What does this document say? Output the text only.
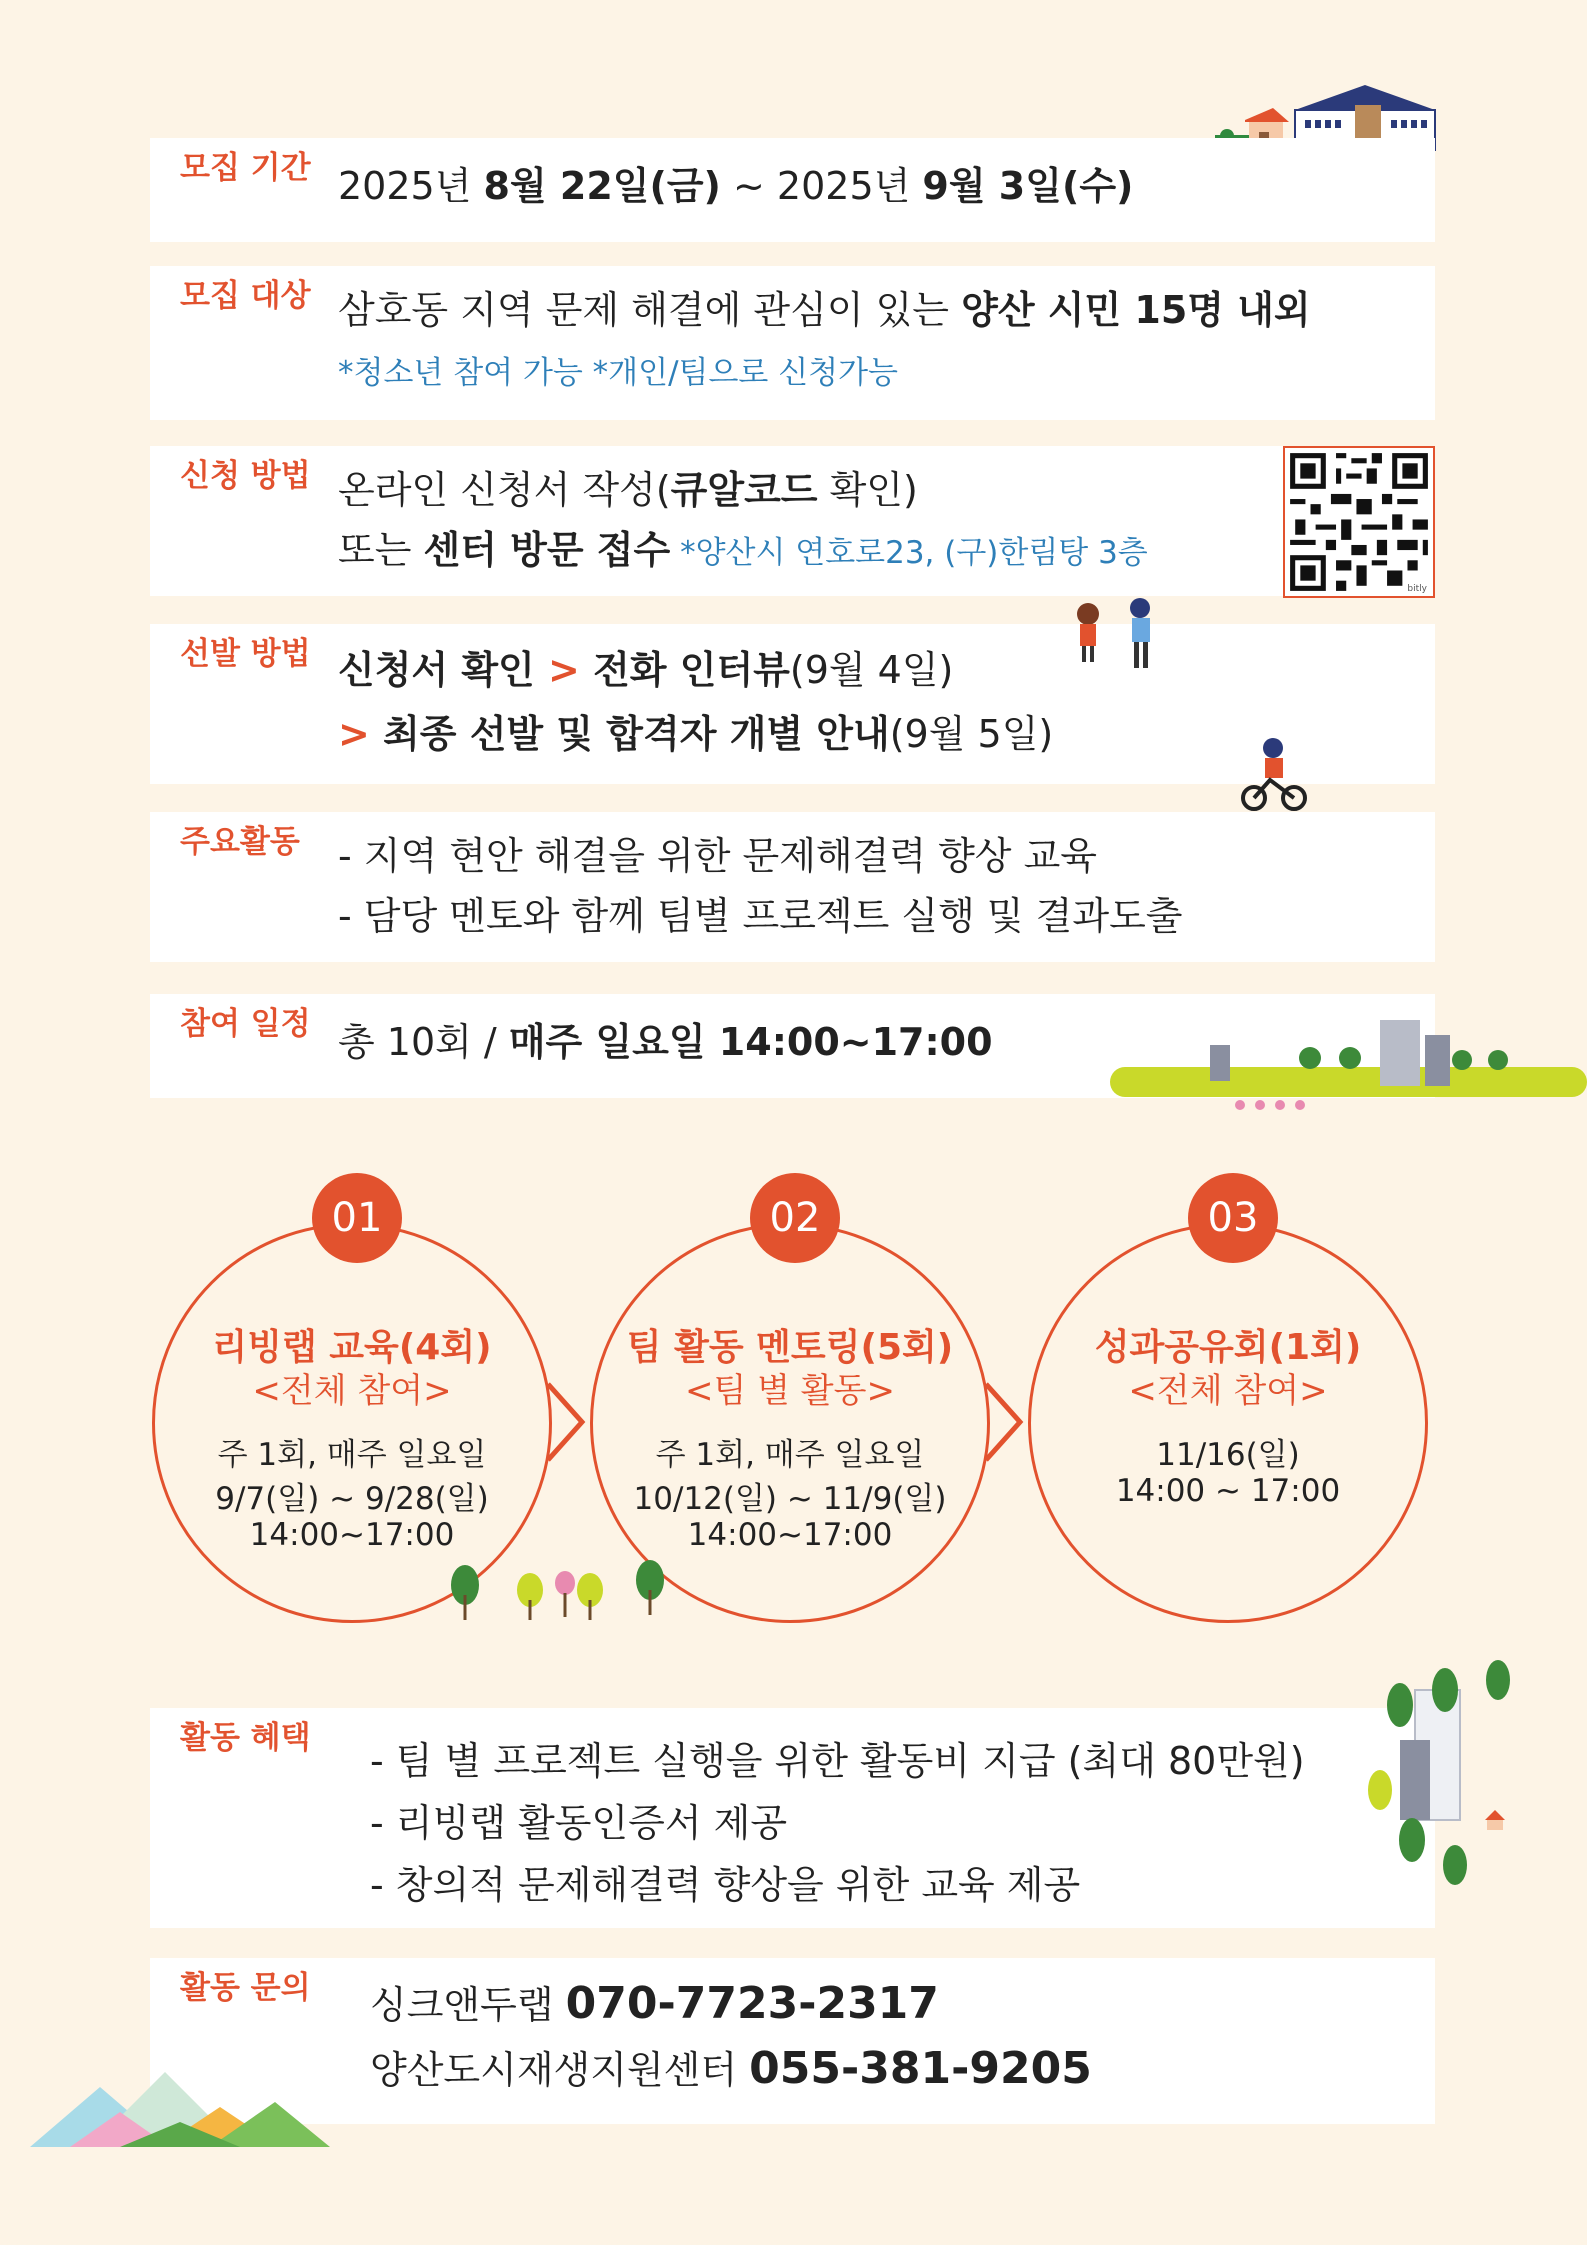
모집 기간 2025년 8월 22일(금) ~ 2025년 9월 3일(수)
모집 대상 삼호동 지역 문제 해결에 관심이 있는 양산 시민 15명 내외
*청소년 참여 가능 *개인/팀으로 신청가능
신청 방법 온라인 신청서 작성(큐알코드 확인)
또는 센터 방문 접수 *양산시 연호로23, (구)한림탕 3층
bitly
선발 방법 신청서 확인 > 전화 인터뷰(9월 4일)
> 최종 선발 및 합격자 개별 안내(9월 5일)
주요활동 - 지역 현안 해결을 위한 문제해결력 향상 교육
- 담당 멘토와 함께 팀별 프로젝트 실행 및 결과도출
참여 일정 총 10회 / 매주 일요일 14:00~17:00
01
리빙랩 교육(4회)
<전체 참여>
주 1회, 매주 일요일
9/7(일) ~ 9/28(일)
14:00~17:00
02
팀 활동 멘토링(5회)
<팀 별 활동>
주 1회, 매주 일요일
10/12(일) ~ 11/9(일)
14:00~17:00
03
성과공유회(1회)
<전체 참여>
11/16(일)
14:00 ~ 17:00
활동 혜택
- 팀 별 프로젝트 실행을 위한 활동비 지급 (최대 80만원)
- 리빙랩 활동인증서 제공
- 창의적 문제해결력 향상을 위한 교육 제공
활동 문의 싱크앤두랩 070-7723-2317
양산도시재생지원센터 055-381-9205
